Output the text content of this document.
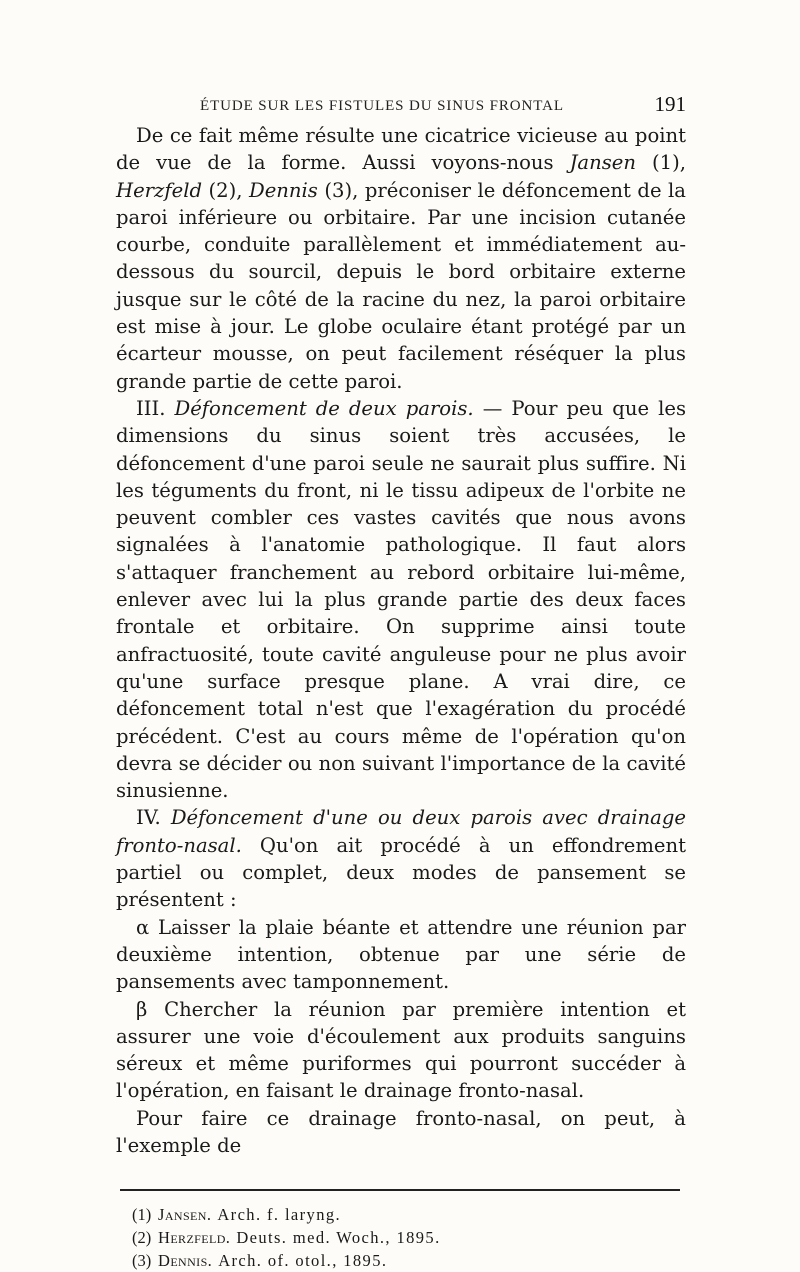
ÉTUDE SUR LES FISTULES DU SINUS FRONTAL	191

De ce fait même résulte une cicatrice vicieuse au point de vue de la forme. Aussi voyons-nous Jansen (1), Herzfeld (2), Dennis (3), préconiser le défoncement de la paroi inférieure ou orbitaire. Par une incision cutanée courbe, conduite parallèlement et immédiatement au-dessous du sourcil, depuis le bord orbitaire externe jusque sur le côté de la racine du nez, la paroi orbitaire est mise à jour. Le globe oculaire étant protégé par un écarteur mousse, on peut facilement réséquer la plus grande partie de cette paroi.

III. Défoncement de deux parois. — Pour peu que les dimensions du sinus soient très accusées, le défoncement d'une paroi seule ne saurait plus suffire. Ni les téguments du front, ni le tissu adipeux de l'orbite ne peuvent combler ces vastes cavités que nous avons signalées à l'anatomie pathologique. Il faut alors s'attaquer franchement au rebord orbitaire lui-même, enlever avec lui la plus grande partie des deux faces frontale et orbitaire. On supprime ainsi toute anfractuosité, toute cavité anguleuse pour ne plus avoir qu'une surface presque plane. A vrai dire, ce défoncement total n'est que l'exagération du procédé précédent. C'est au cours même de l'opération qu'on devra se décider ou non suivant l'importance de la cavité sinusienne.

IV. Défoncement d'une ou deux parois avec drainage fronto-nasal. Qu'on ait procédé à un effondrement partiel ou complet, deux modes de pansement se présentent :

α Laisser la plaie béante et attendre une réunion par deuxième intention, obtenue par une série de pansements avec tamponnement.

β Chercher la réunion par première intention et assurer une voie d'écoulement aux produits sanguins séreux et même puriformes qui pourront succéder à l'opération, en faisant le drainage fronto-nasal.

Pour faire ce drainage fronto-nasal, on peut, à l'exemple de

(1) Jansen. Arch. f. laryng.
(2) Herzfeld. Deuts. med. Woch., 1895.
(3) Dennis. Arch. of. otol., 1895.
